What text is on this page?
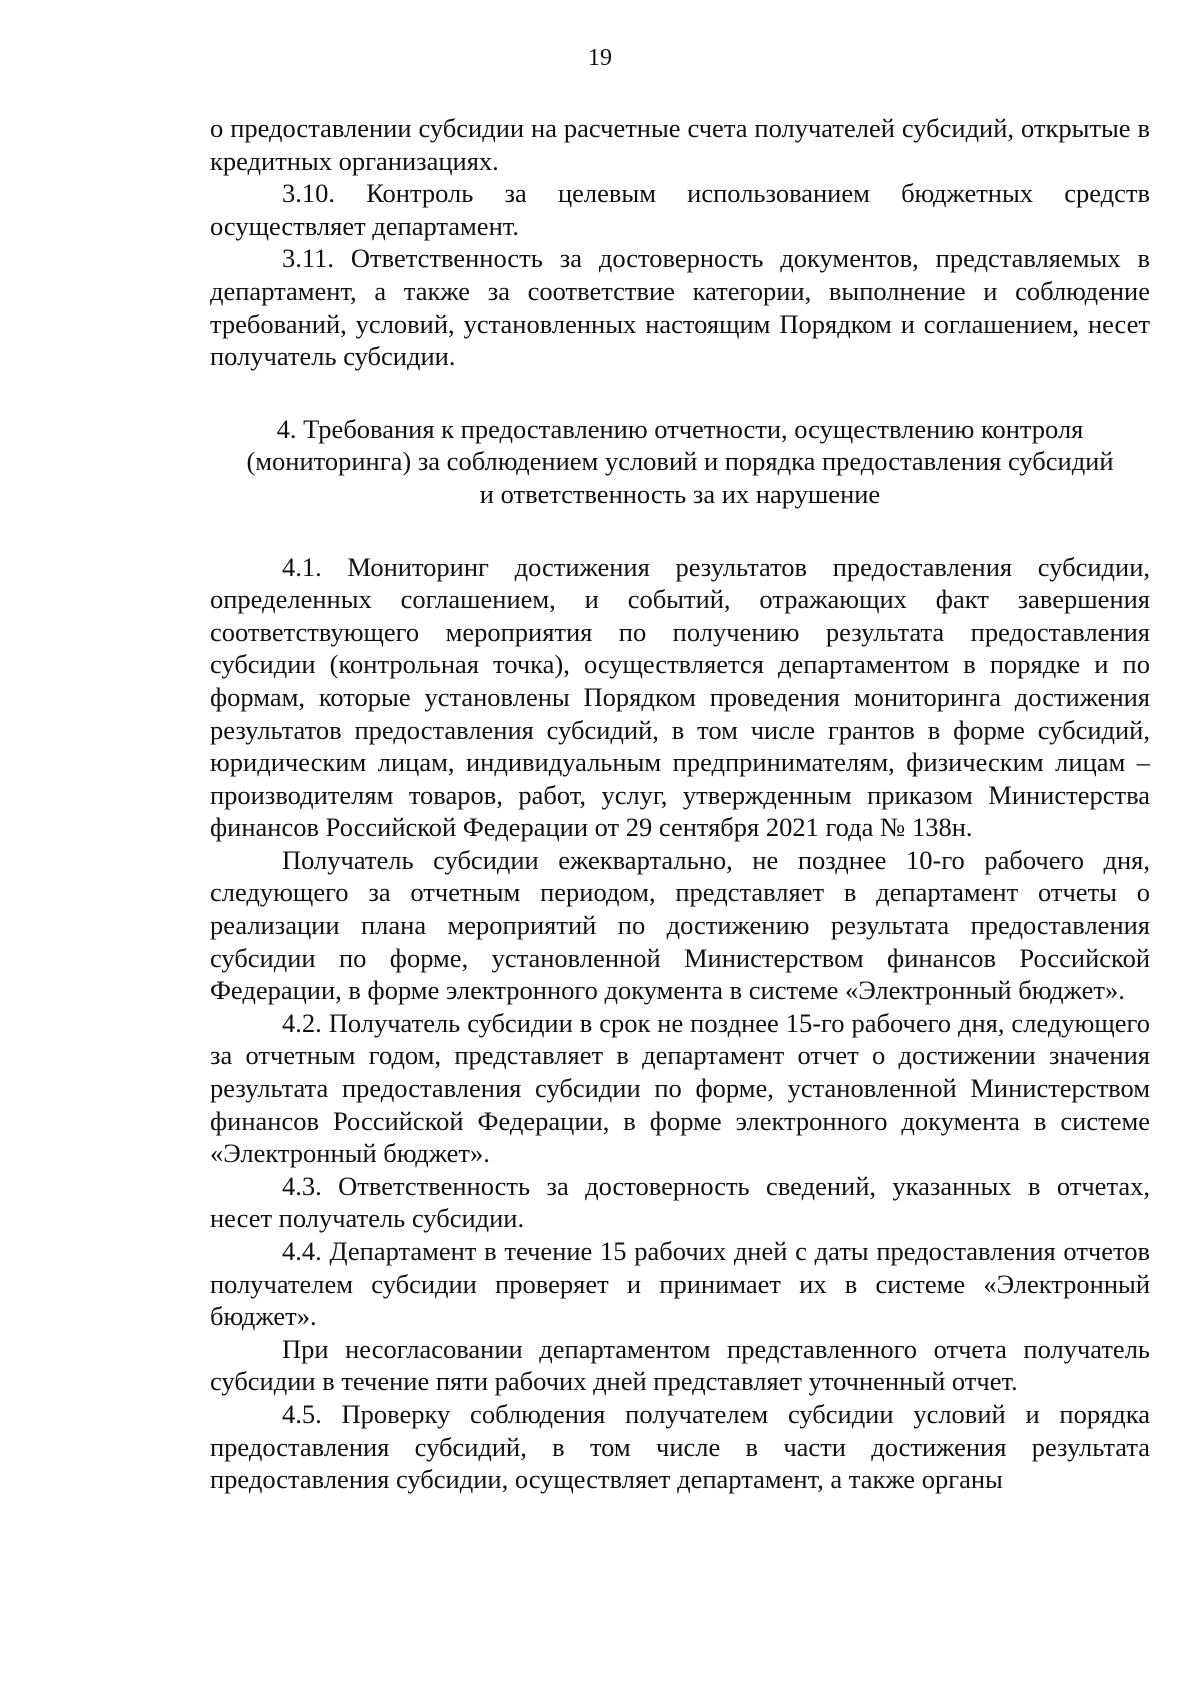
19

о предоставлении субсидии на расчетные счета получателей субсидий, открытые в кредитных организациях.

3.10. Контроль за целевым использованием бюджетных средств осуществляет департамент.

3.11. Ответственность за достоверность документов, представляемых в департамент, а также за соответствие категории, выполнение и соблюдение требований, условий, установленных настоящим Порядком и соглашением, несет получатель субсидии.

4. Требования к предоставлению отчетности, осуществлению контроля
(мониторинга) за соблюдением условий и порядка предоставления субсидий
и ответственность за их нарушение

4.1. Мониторинг достижения результатов предоставления субсидии, определенных соглашением, и событий, отражающих факт завершения соответствующего мероприятия по получению результата предоставления субсидии (контрольная точка), осуществляется департаментом в порядке и по формам, которые установлены Порядком проведения мониторинга достижения результатов предоставления субсидий, в том числе грантов в форме субсидий, юридическим лицам, индивидуальным предпринимателям, физическим лицам – производителям товаров, работ, услуг, утвержденным приказом Министерства финансов Российской Федерации от 29 сентября 2021 года № 138н.

Получатель субсидии ежеквартально, не позднее 10-го рабочего дня, следующего за отчетным периодом, представляет в департамент отчеты о реализации плана мероприятий по достижению результата предоставления субсидии по форме, установленной Министерством финансов Российской Федерации, в форме электронного документа в системе «Электронный бюджет».

4.2. Получатель субсидии в срок не позднее 15-го рабочего дня, следующего за отчетным годом, представляет в департамент отчет о достижении значения результата предоставления субсидии по форме, установленной Министерством финансов Российской Федерации, в форме электронного документа в системе «Электронный бюджет».

4.3. Ответственность за достоверность сведений, указанных в отчетах, несет получатель субсидии.

4.4. Департамент в течение 15 рабочих дней с даты предоставления отчетов получателем субсидии проверяет и принимает их в системе «Электронный бюджет».

При несогласовании департаментом представленного отчета получатель субсидии в течение пяти рабочих дней представляет уточненный отчет.

4.5. Проверку соблюдения получателем субсидии условий и порядка предоставления субсидий, в том числе в части достижения результата предоставления субсидии, осуществляет департамент, а также органы
